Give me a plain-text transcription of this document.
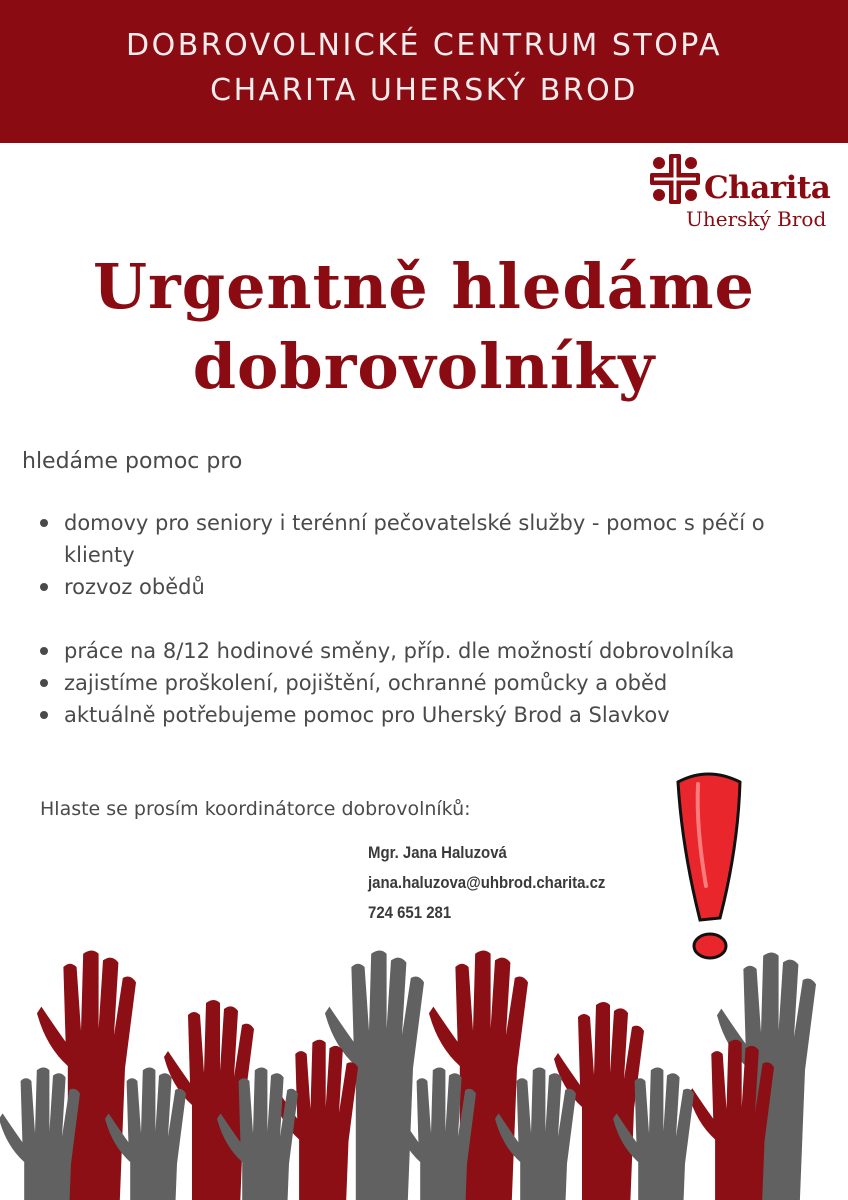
DOBROVOLNICKÉ CENTRUM STOPA
CHARITA UHERSKÝ BROD
Charita
Uherský Brod
Urgentně hledáme
dobrovolníky
hledáme pomoc pro
domovy pro seniory i terénní pečovatelské služby - pomoc s péčí o klienty
rozvoz obědů
práce na 8/12 hodinové směny, příp. dle možností dobrovolníka
zajistíme proškolení, pojištění, ochranné pomůcky a oběd
aktuálně potřebujeme pomoc pro Uherský Brod a Slavkov
Hlaste se prosím koordinátorce dobrovolníků:
Mgr. Jana Haluzová
jana.haluzova@uhbrod.charita.cz
724 651 281
